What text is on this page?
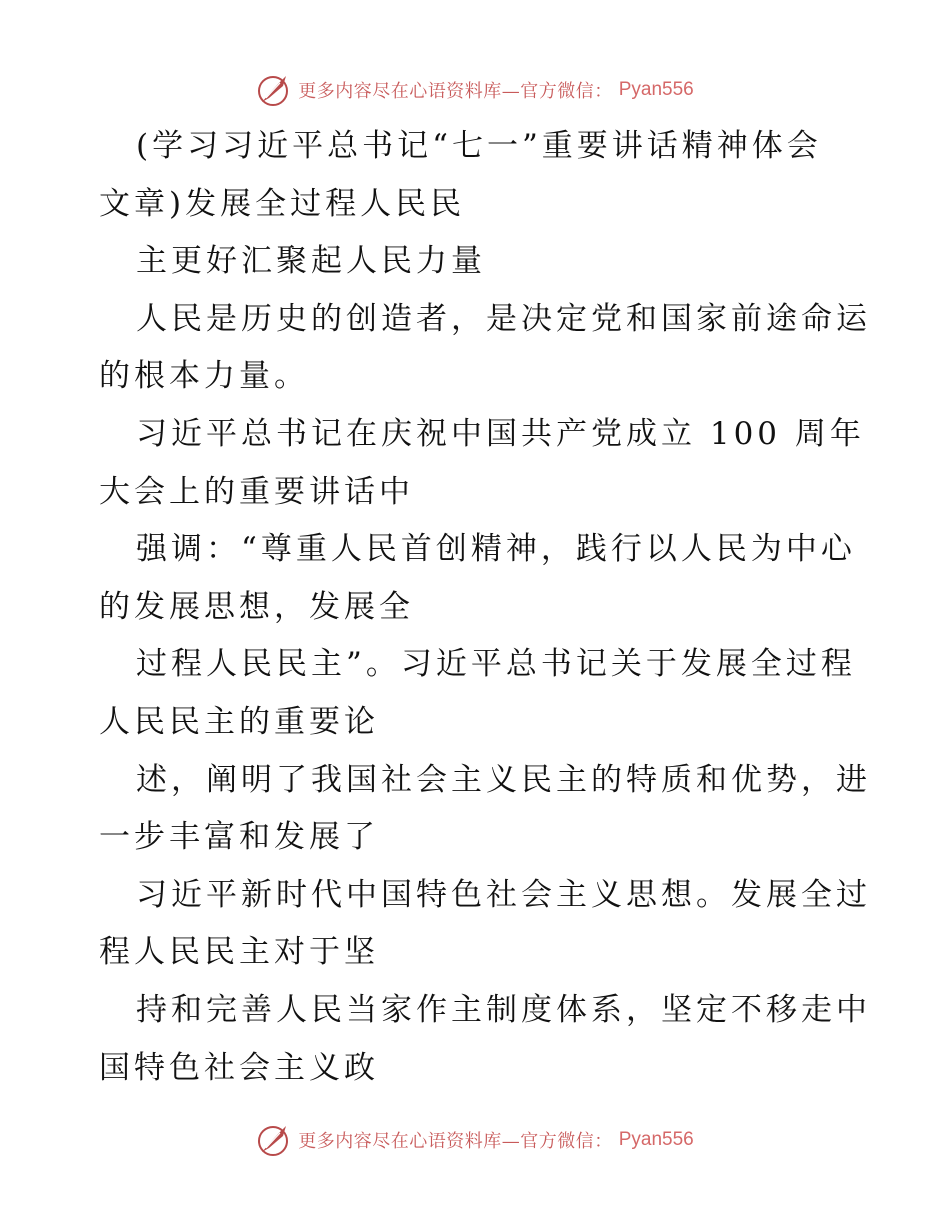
更多内容尽在心语资料库—官方微信： Pyan556
(学习习近平总书记“七一”重要讲话精神体会
文章)发展全过程人民民
主更好汇聚起人民力量
人民是历史的创造者，是决定党和国家前途命运
的根本力量。
习近平总书记在庆祝中国共产党成立 100 周年
大会上的重要讲话中
强调：“尊重人民首创精神，践行以人民为中心
的发展思想，发展全
过程人民民主”。习近平总书记关于发展全过程
人民民主的重要论
述，阐明了我国社会主义民主的特质和优势，进
一步丰富和发展了
习近平新时代中国特色社会主义思想。发展全过
程人民民主对于坚
持和完善人民当家作主制度体系，坚定不移走中
国特色社会主义政
更多内容尽在心语资料库—官方微信： Pyan556
